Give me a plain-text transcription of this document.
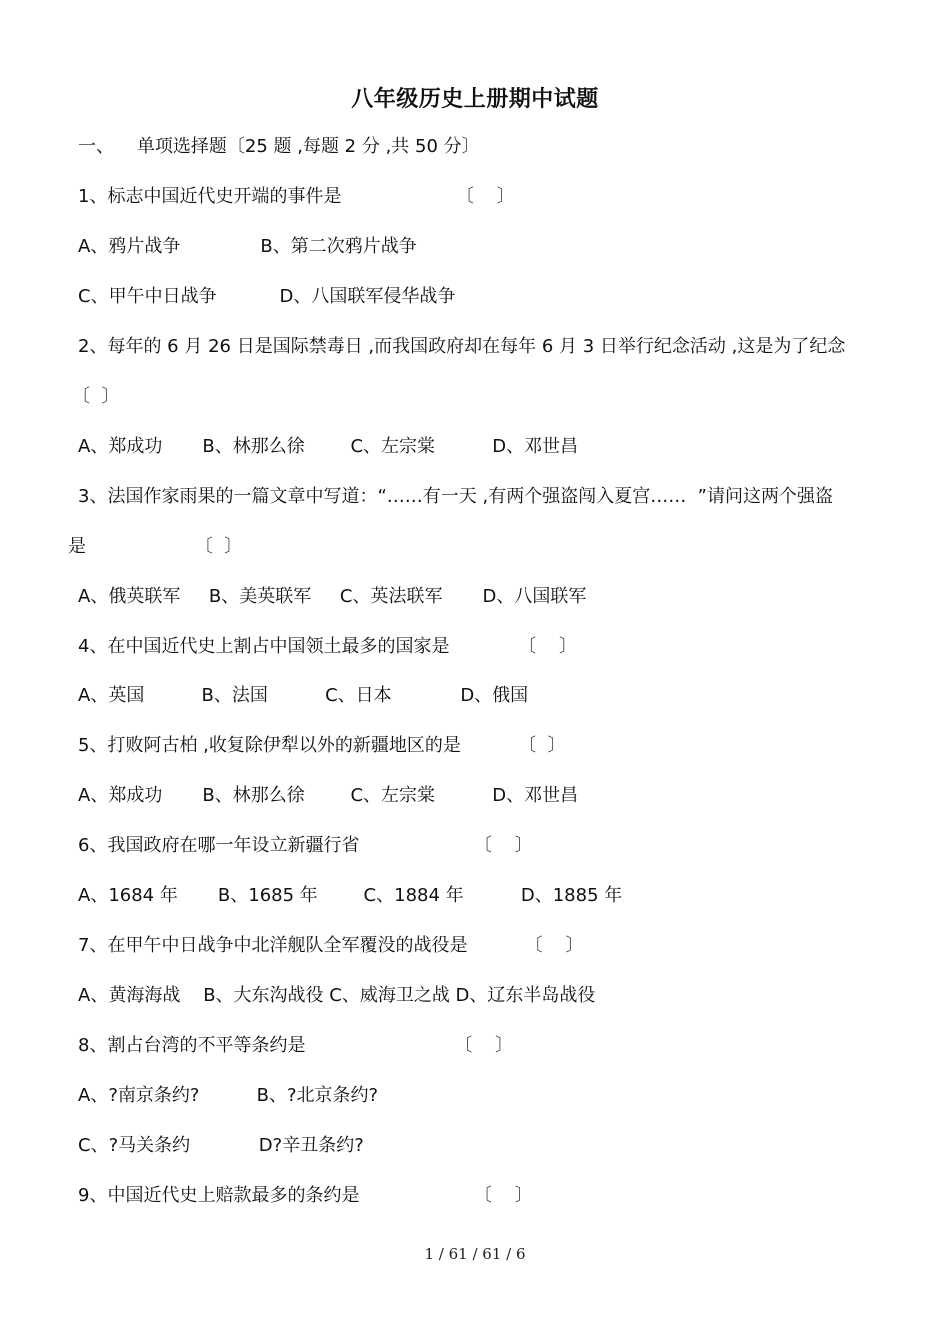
八年级历史上册期中试题
一、    单项选择题〔25 题 ,每题 2 分 ,共 50 分〕
1、标志中国近代史开端的事件是                    〔    〕
A、鸦片战争              B、第二次鸦片战争
C、甲午中日战争           D、八国联军侵华战争
2、每年的 6 月 26 日是国际禁毒日 ,而我国政府却在每年 6 月 3 日举行纪念活动 ,这是为了纪念
〔  〕
A、郑成功       B、林那么徐        C、左宗棠          D、邓世昌
3、法国作家雨果的一篇文章中写道：“……有一天 ,有两个强盗闯入夏宫……  ”请问这两个强盗
是                   〔  〕
A、俄英联军     B、美英联军     C、英法联军       D、八国联军
4、在中国近代史上割占中国领土最多的国家是            〔    〕
A、英国          B、法国          C、日本            D、俄国
5、打败阿古柏 ,收复除伊犁以外的新疆地区的是          〔  〕
A、郑成功       B、林那么徐        C、左宗棠          D、邓世昌
6、我国政府在哪一年设立新疆行省                    〔    〕
A、1684 年       B、1685 年        C、1884 年          D、1885 年
7、在甲午中日战争中北洋舰队全军覆没的战役是          〔    〕
A、黄海海战    B、大东沟战役 C、威海卫之战 D、辽东半岛战役
8、割占台湾的不平等条约是                          〔    〕
A、?南京条约?          B、?北京条约?
C、?马关条约            D?辛丑条约?
9、中国近代史上赔款最多的条约是                    〔    〕
1 / 61 / 61 / 6
